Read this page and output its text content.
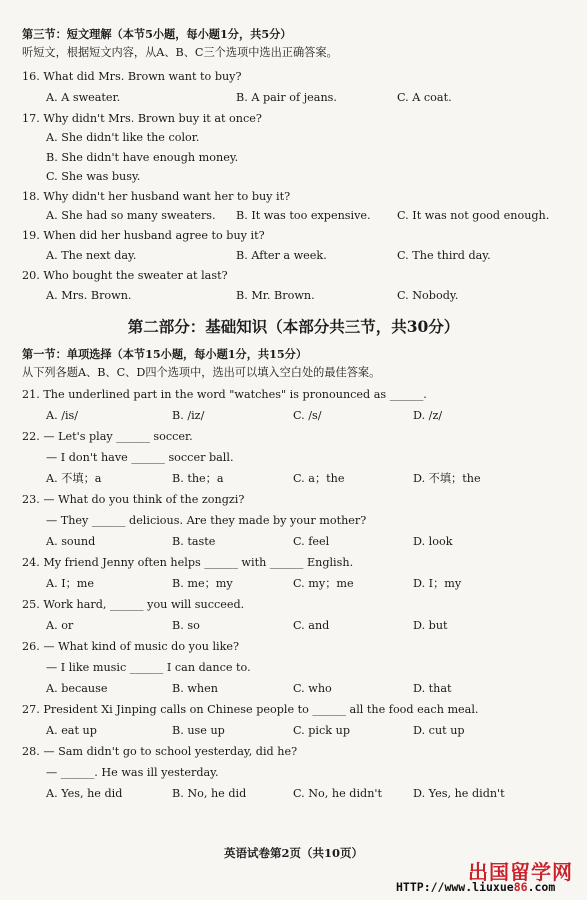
第三节：短文理解（本节5小题，每小题1分，共5分）
听短文，根据短文内容，从A、B、C三个选项中选出正确答案。
16. What did Mrs. Brown want to buy?
A. A sweater.	B. A pair of jeans.	C. A coat.
17. Why didn't Mrs. Brown buy it at once?
A. She didn't like the color.
B. She didn't have enough money.
C. She was busy.
18. Why didn't her husband want her to buy it?
A. She had so many sweaters. B. It was too expensive. C. It was not good enough.
19. When did her husband agree to buy it?
A. The next day.	B. After a week.	C. The third day.
20. Who bought the sweater at last?
A. Mrs. Brown.	B. Mr. Brown.	C. Nobody.
第二部分：基础知识（本部分共三节，共30分）
第一节：单项选择（本节15小题，每小题1分，共15分）
从下列各题A、B、C、D四个选项中，选出可以填入空白处的最佳答案。
21. The underlined part in the word "watches" is pronounced as ______.
A. /is/	B. /iz/	C. /s/	D. /z/
22. — Let's play ______ soccer.
— I don't have ______ soccer ball.
A. 不填；a	B. the；a	C. a；the	D. 不填；the
23. — What do you think of the zongzi?
— They ______ delicious. Are they made by your mother?
A. sound	B. taste	C. feel	D. look
24. My friend Jenny often helps ______ with ______ English.
A. I；me	B. me；my	C. my；me	D. I；my
25. Work hard, ______ you will succeed.
A. or	B. so	C. and	D. but
26. — What kind of music do you like?
— I like music ______ I can dance to.
A. because	B. when	C. who	D. that
27. President Xi Jinping calls on Chinese people to ______ all the food each meal.
A. eat up	B. use up	C. pick up	D. cut up
28. — Sam didn't go to school yesterday, did he?
— ______. He was ill yesterday.
A. Yes, he did	B. No, he did	C. No, he didn't	D. Yes, he didn't
英语试卷第2页（共10页）
出国留学网
HTTP://www.liuxue86.com
